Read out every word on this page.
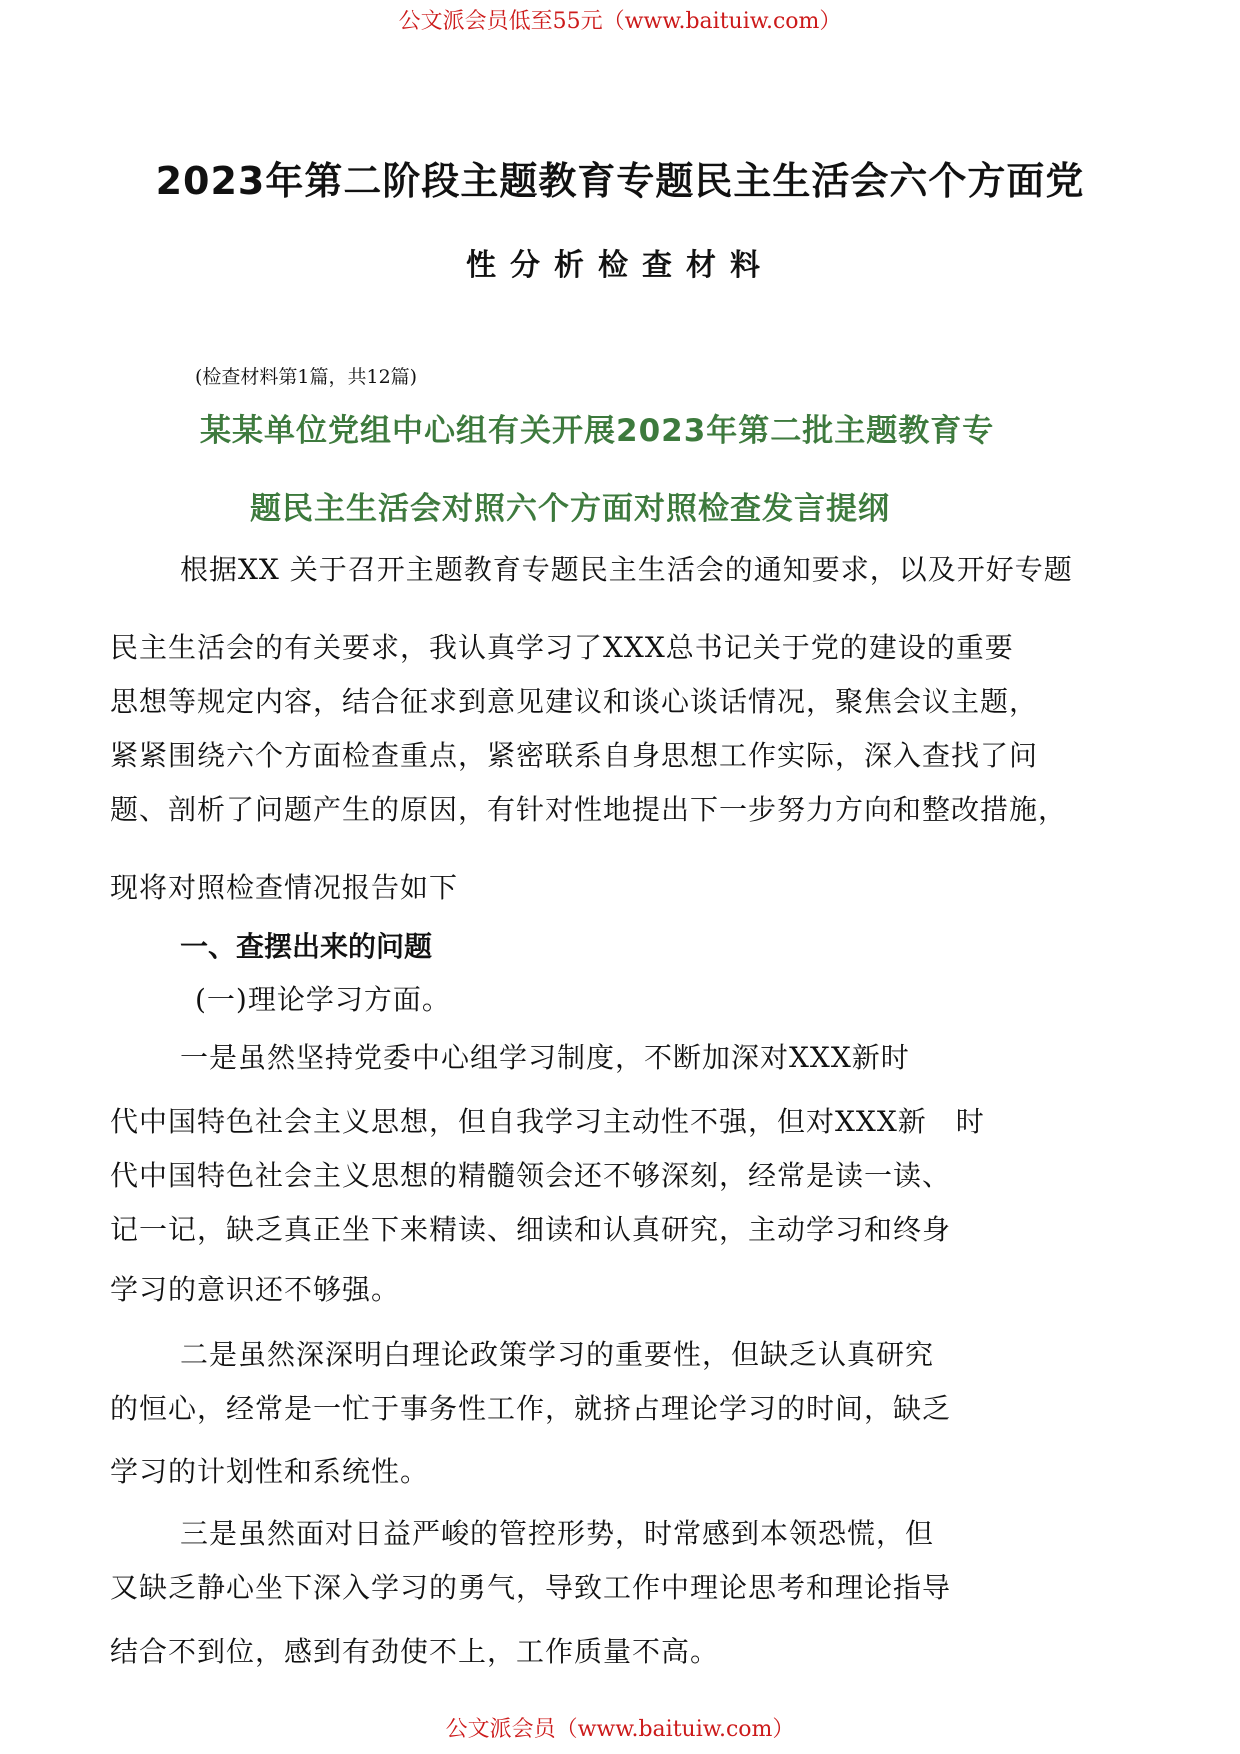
公文派会员低至55元（www.baituiw.com）
2023年第二阶段主题教育专题民主生活会六个方面党
性分析检查材料
(检查材料第1篇，共12篇)
某某单位党组中心组有关开展2023年第二批主题教育专
题民主生活会对照六个方面对照检查发言提纲
根据XX 关于召开主题教育专题民主生活会的通知要求，以及开好专题
民主生活会的有关要求，我认真学习了XXX总书记关于党的建设的重要
思想等规定内容，结合征求到意见建议和谈心谈话情况，聚焦会议主题，
紧紧围绕六个方面检查重点，紧密联系自身思想工作实际，深入查找了问
题、剖析了问题产生的原因，有针对性地提出下一步努力方向和整改措施，
现将对照检查情况报告如下
一、查摆出来的问题
(一)理论学习方面。
一是虽然坚持党委中心组学习制度，不断加深对XXX新时
代中国特色社会主义思想，但自我学习主动性不强，但对XXX新　时
代中国特色社会主义思想的精髓领会还不够深刻，经常是读一读、
记一记，缺乏真正坐下来精读、细读和认真研究，主动学习和终身
学习的意识还不够强。
二是虽然深深明白理论政策学习的重要性，但缺乏认真研究
的恒心，经常是一忙于事务性工作，就挤占理论学习的时间，缺乏
学习的计划性和系统性。
三是虽然面对日益严峻的管控形势，时常感到本领恐慌，但
又缺乏静心坐下深入学习的勇气，导致工作中理论思考和理论指导
结合不到位，感到有劲使不上，工作质量不高。
公文派会员（www.baituiw.com）
